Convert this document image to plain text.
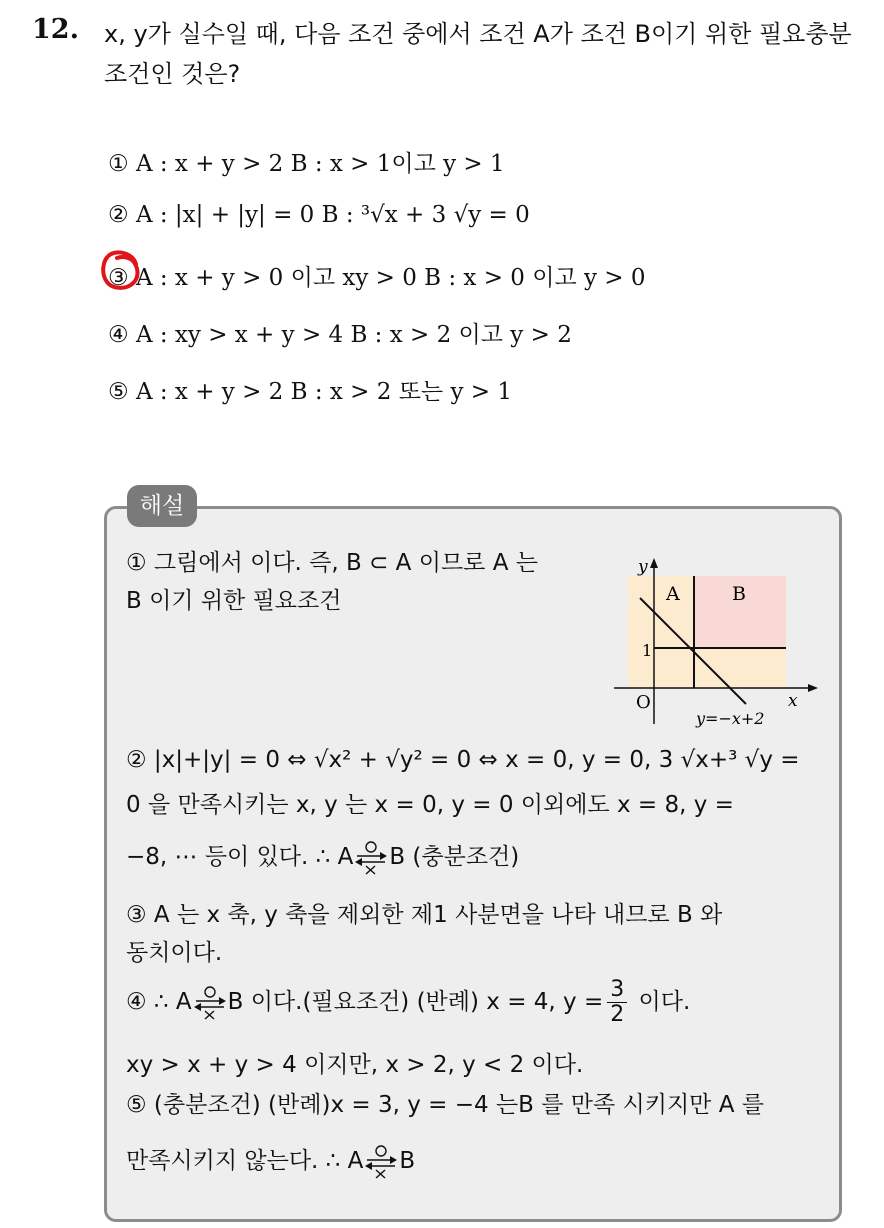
12. x, y가 실수일 때, 다음 조건 중에서 조건 A가 조건 B이기 위한 필요충분조건인 것은?
① A : x + y > 2 B : x > 1이고 y > 1
② A : |x| + |y| = 0 B : ³√x + 3 √y = 0
③ A : x + y > 0 이고 xy > 0 B : x > 0 이고 y > 0
④ A : xy > x + y > 4 B : x > 2 이고 y > 2
⑤ A : x + y > 2 B : x > 2 또는 y > 1
해설
① 그림에서 이다. 즉, B ⊂ A 이므로 A 는
B 이기 위한 필요조건
y
x
O
1
A	B
y=−x+2
② |x|+|y| = 0 ⇔ √x² + √y² = 0 ⇔ x = 0, y = 0, 3 √x+³ √y =
0 을 만족시키는 x, y 는 x = 0, y = 0 이외에도 x = 8, y =
−8, ⋯ 등이 있다. ∴ A B (충분조건)
③ A 는 x 축, y 축을 제외한 제1 사분면을 나타 내므로 B 와
동치이다.
④ ∴ A B 이다.(필요조건) (반례) x = 4, $y = \frac{3}{2}$ 이다.
xy > x + y > 4 이지만, x > 2, y < 2 이다.
⑤ (충분조건) (반례)x = 3, y = −4 는B 를 만족 시키지만 A 를
만족시키지 않는다. ∴ A B
